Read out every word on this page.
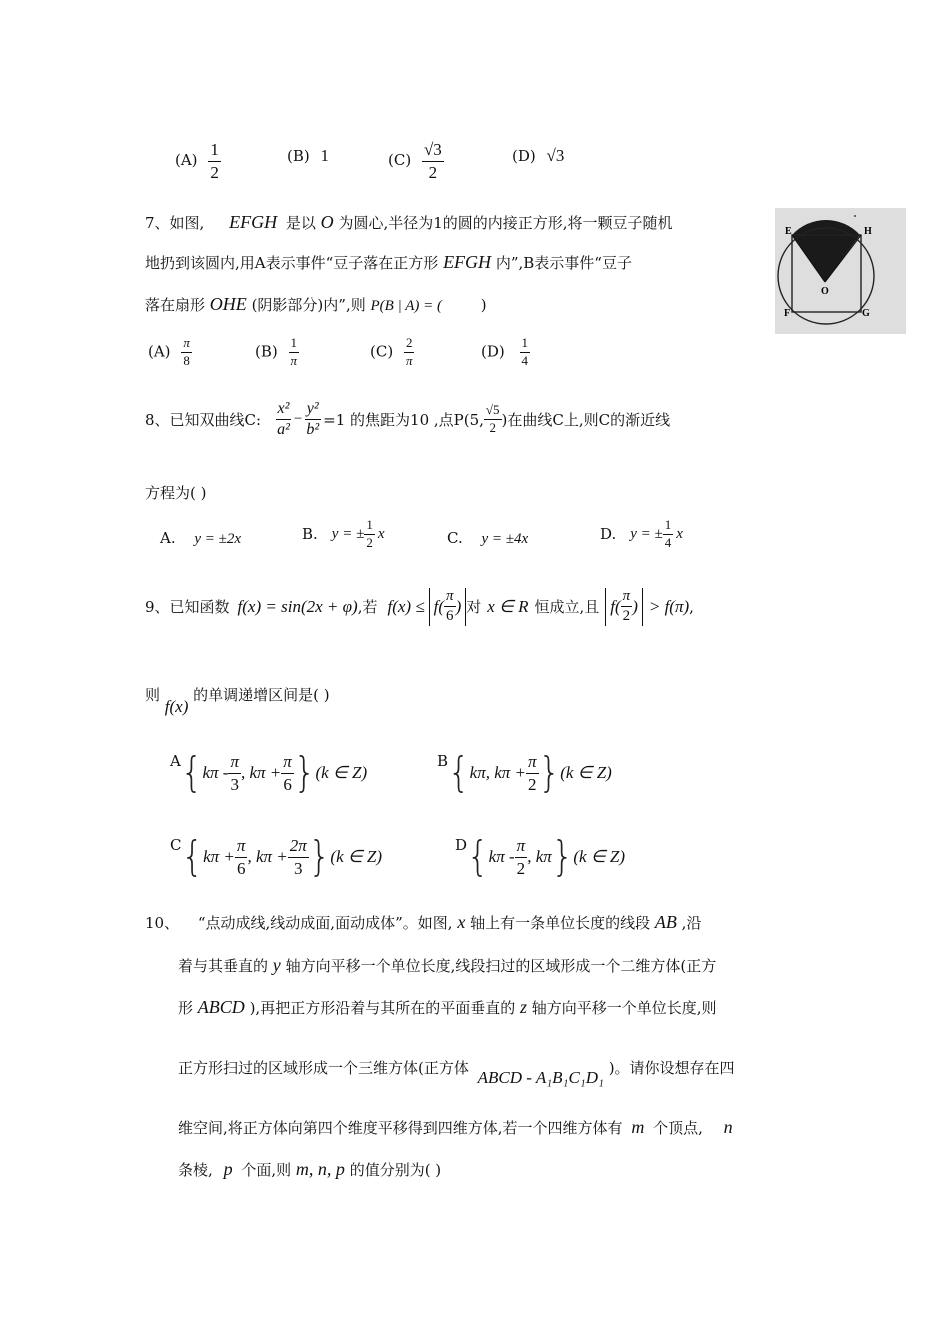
$(A) \frac{1}{2}$	(B) 1	$(C) \frac{√3}{2}$	(D) √3
7、如图, EFGH 是以 O 为圆心,半径为1的圆的内接正方形,将一颗豆子随机
地扔到该圆内,用A表示事件“豆子落在正方形 EFGH 内”,B表示事件“豆子
落在扇形 OHE (阴影部分)内”,则 P(B | A) = (	)
E	H
O
F	G
$(A) \frac{\pi}{8}$	$(B) \frac{1}{\pi}$	$(C) \frac{2}{\pi}$	$(D) \frac{1}{4}$
8、已知双曲线C: $\frac{\text{x²}}{\text{a²}} - \frac{\text{y²}}{\text{b²}} =1$ 的焦距为10 ,点P(5, $\frac{√5}{2}$ )在曲线C上,则C的渐近线
方程为( )
A. y = ±2x	B. y = ± $\frac{1}{2}$ x	C. y = ±4x	D. y = ± $\frac{1}{4}$ x
9、已知函数 f(x) = sin(2x + φ) ,若 $f(x) \le f( \frac{\pi}{6}$ ) 对 x ∈ R 恒成立,且 $f( \frac{\pi}{2}$ ) > f(π) ,
则 f(x) 的单调递增区间是( )
A { kπ - $\frac{\pi}{3}$ , $k\pi + \frac{\pi}{6}$ } (k ∈ Z)
B { kπ, $k\pi + \frac{\pi}{2}$ } (k ∈ Z)
C { $k\pi + \frac{\pi}{6}$ , $k\pi + \frac{2\pi}{3}$ } (k ∈ Z)
D { kπ - $\frac{\pi}{2}$ , kπ } (k ∈ Z)
10、 “点动成线,线动成面,面动成体”。如图, x 轴上有一条单位长度的线段 AB ,沿
着与其垂直的 y 轴方向平移一个单位长度,线段扫过的区域形成一个二维方体(正方
形 ABCD ),再把正方形沿着与其所在的平面垂直的 z 轴方向平移一个单位长度,则
正方形扫过的区域形成一个三维方体(正方体 ABCD - A₁B₁C₁D₁ )。请你设想存在四
维空间,将正方体向第四个维度平移得到四维方体,若一个四维方体有 m 个顶点, n
条棱, p 个面,则 m, n, p 的值分别为( )
